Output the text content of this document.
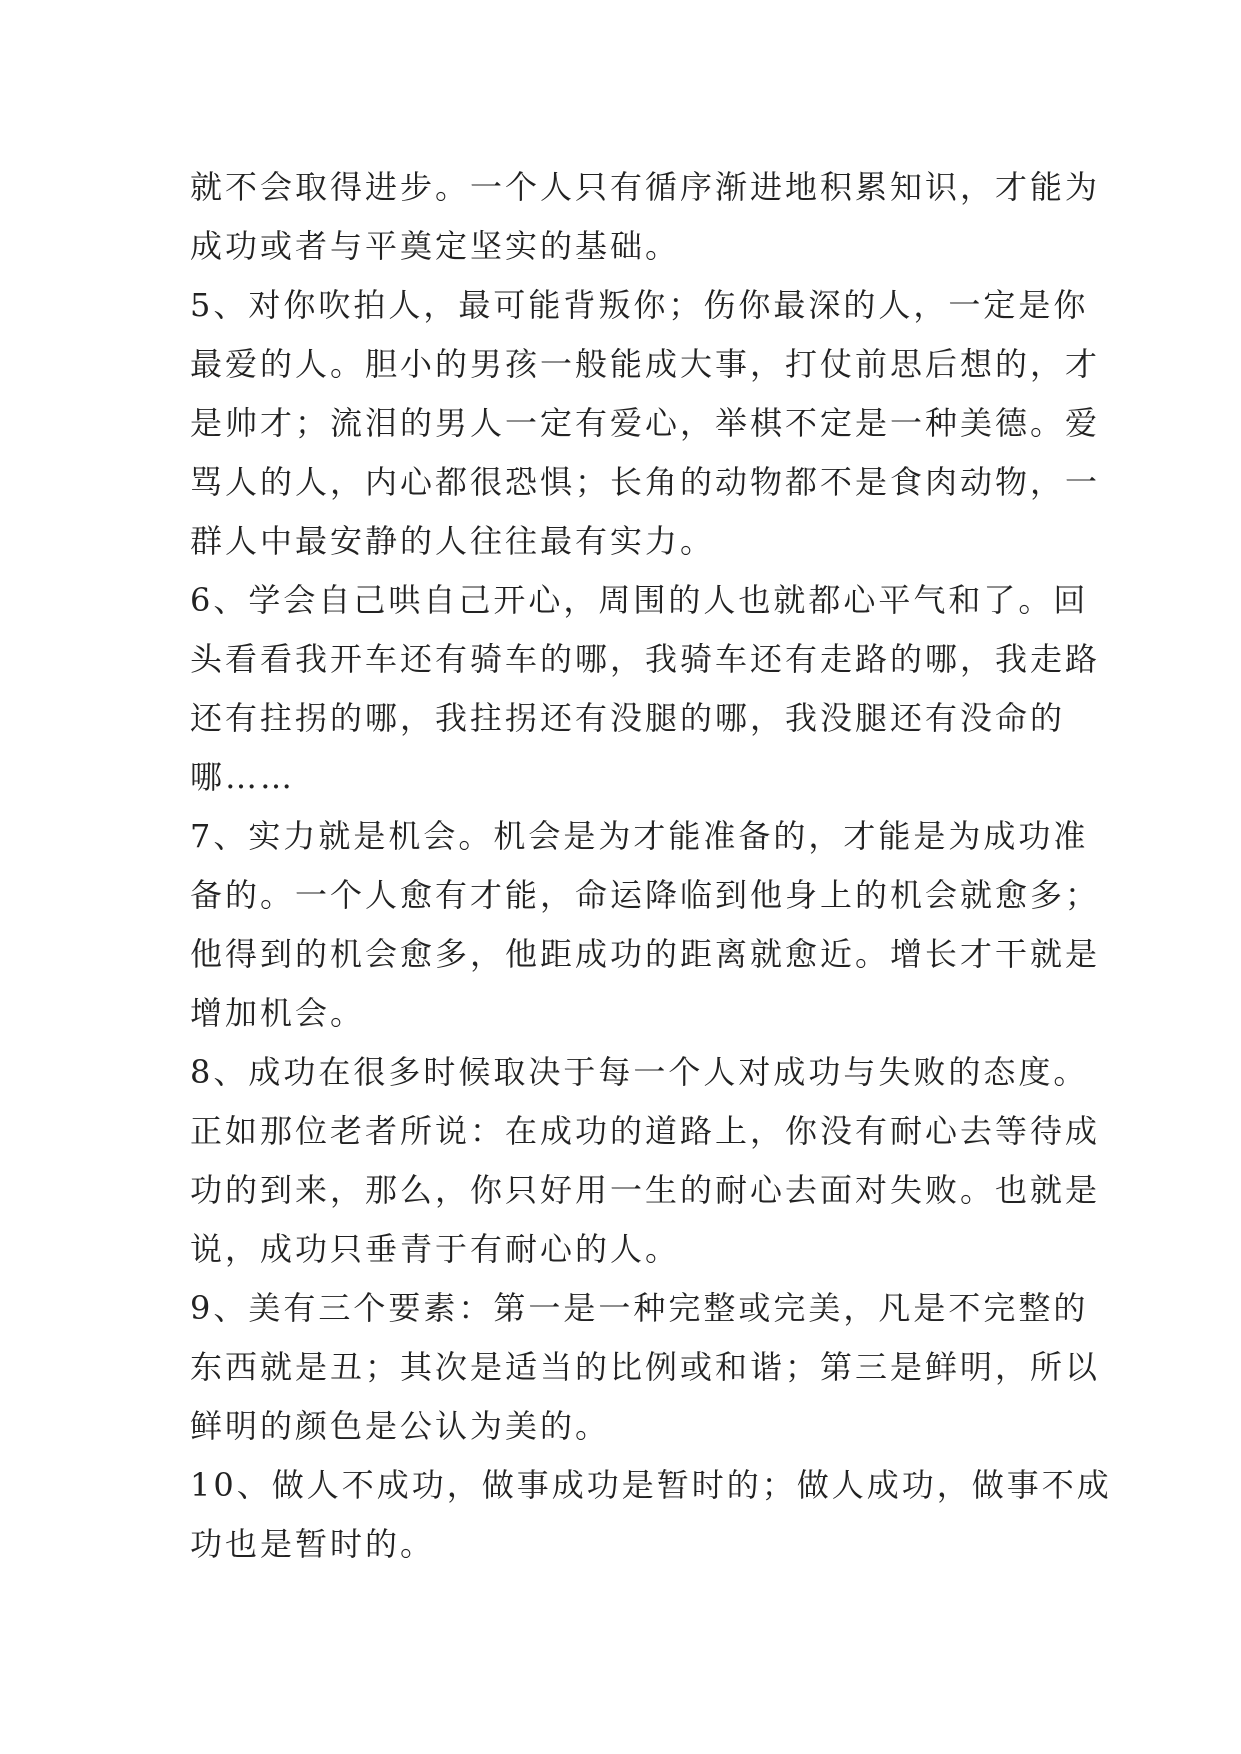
就不会取得进步。一个人只有循序渐进地积累知识，才能为
成功或者与平奠定坚实的基础。
5、对你吹拍人，最可能背叛你；伤你最深的人，一定是你
最爱的人。胆小的男孩一般能成大事，打仗前思后想的，才
是帅才；流泪的男人一定有爱心，举棋不定是一种美德。爱
骂人的人，内心都很恐惧；长角的动物都不是食肉动物，一
群人中最安静的人往往最有实力。
6、学会自己哄自己开心，周围的人也就都心平气和了。回
头看看我开车还有骑车的哪，我骑车还有走路的哪，我走路
还有拄拐的哪，我拄拐还有没腿的哪，我没腿还有没命的
哪……
7、实力就是机会。机会是为才能准备的，才能是为成功准
备的。一个人愈有才能，命运降临到他身上的机会就愈多；
他得到的机会愈多，他距成功的距离就愈近。增长才干就是
增加机会。
8、成功在很多时候取决于每一个人对成功与失败的态度。
正如那位老者所说：在成功的道路上，你没有耐心去等待成
功的到来，那么，你只好用一生的耐心去面对失败。也就是
说，成功只垂青于有耐心的人。
9、美有三个要素：第一是一种完整或完美，凡是不完整的
东西就是丑；其次是适当的比例或和谐；第三是鲜明，所以
鲜明的颜色是公认为美的。
10、做人不成功，做事成功是暂时的；做人成功，做事不成
功也是暂时的。
